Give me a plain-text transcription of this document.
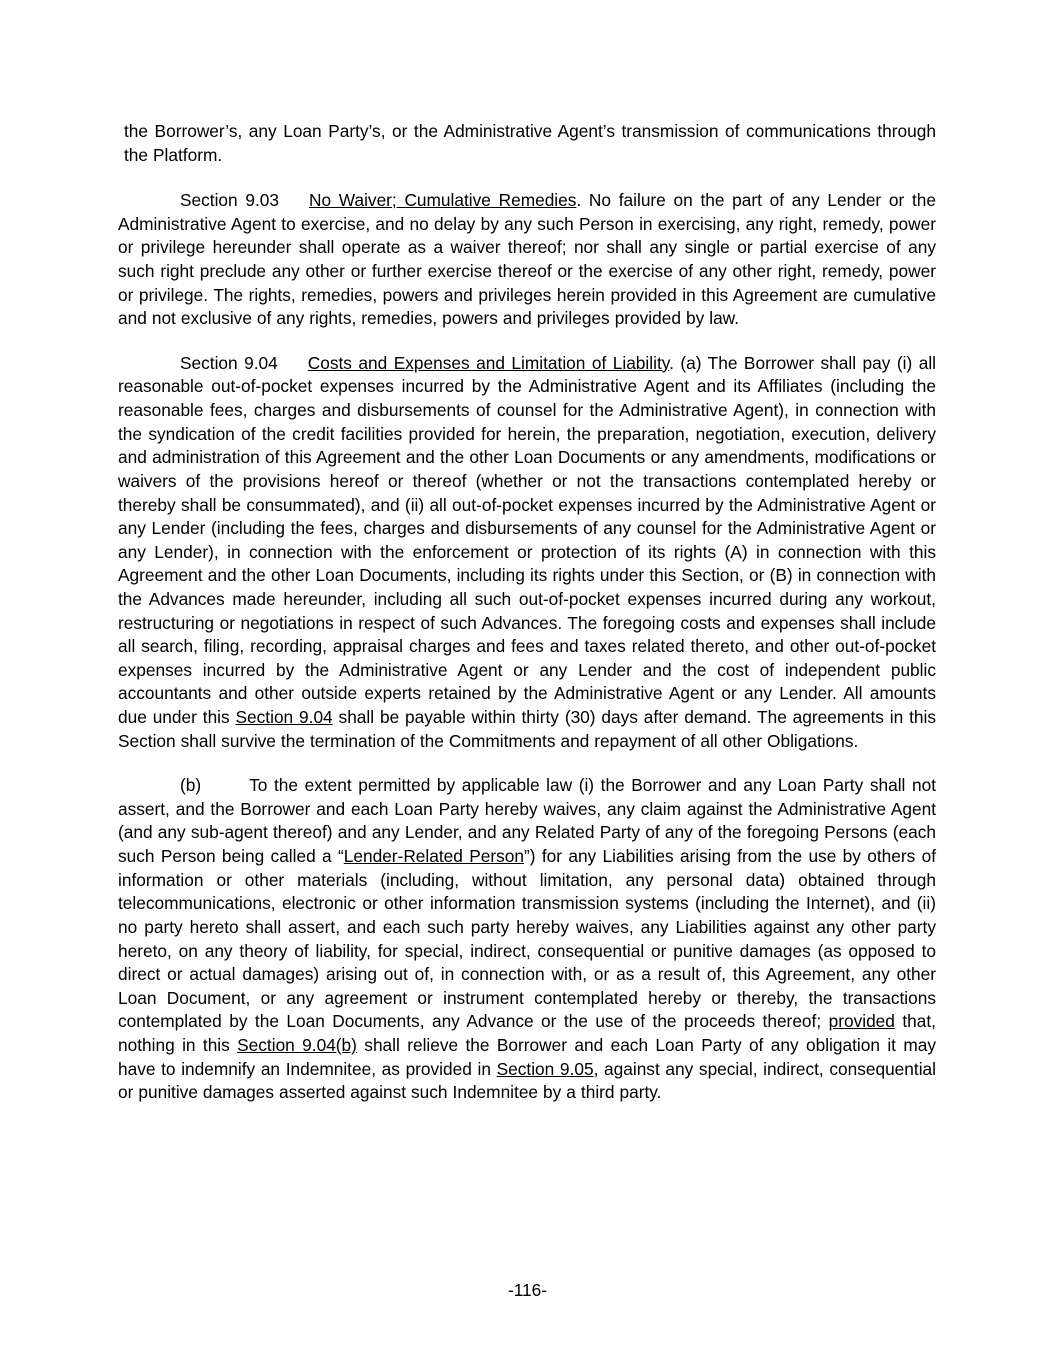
the Borrower’s, any Loan Party’s, or the Administrative Agent’s transmission of communications through the Platform.

Section 9.03 No Waiver; Cumulative Remedies. No failure on the part of any Lender or the Administrative Agent to exercise, and no delay by any such Person in exercising, any right, remedy, power or privilege hereunder shall operate as a waiver thereof; nor shall any single or partial exercise of any such right preclude any other or further exercise thereof or the exercise of any other right, remedy, power or privilege. The rights, remedies, powers and privileges herein provided in this Agreement are cumulative and not exclusive of any rights, remedies, powers and privileges provided by law.

Section 9.04 Costs and Expenses and Limitation of Liability. (a) The Borrower shall pay (i) all reasonable out-of-pocket expenses incurred by the Administrative Agent and its Affiliates (including the reasonable fees, charges and disbursements of counsel for the Administrative Agent), in connection with the syndication of the credit facilities provided for herein, the preparation, negotiation, execution, delivery and administration of this Agreement and the other Loan Documents or any amendments, modifications or waivers of the provisions hereof or thereof (whether or not the transactions contemplated hereby or thereby shall be consummated), and (ii) all out-of-pocket expenses incurred by the Administrative Agent or any Lender (including the fees, charges and disbursements of any counsel for the Administrative Agent or any Lender), in connection with the enforcement or protection of its rights (A) in connection with this Agreement and the other Loan Documents, including its rights under this Section, or (B) in connection with the Advances made hereunder, including all such out-of-pocket expenses incurred during any workout, restructuring or negotiations in respect of such Advances. The foregoing costs and expenses shall include all search, filing, recording, appraisal charges and fees and taxes related thereto, and other out-of-pocket expenses incurred by the Administrative Agent or any Lender and the cost of independent public accountants and other outside experts retained by the Administrative Agent or any Lender. All amounts due under this Section 9.04 shall be payable within thirty (30) days after demand. The agreements in this Section shall survive the termination of the Commitments and repayment of all other Obligations.

(b)	To the extent permitted by applicable law (i) the Borrower and any Loan Party shall not assert, and the Borrower and each Loan Party hereby waives, any claim against the Administrative Agent (and any sub-agent thereof) and any Lender, and any Related Party of any of the foregoing Persons (each such Person being called a “Lender-Related Person”) for any Liabilities arising from the use by others of information or other materials (including, without limitation, any personal data) obtained through telecommunications, electronic or other information transmission systems (including the Internet), and (ii) no party hereto shall assert, and each such party hereby waives, any Liabilities against any other party hereto, on any theory of liability, for special, indirect, consequential or punitive damages (as opposed to direct or actual damages) arising out of, in connection with, or as a result of, this Agreement, any other Loan Document, or any agreement or instrument contemplated hereby or thereby, the transactions contemplated by the Loan Documents, any Advance or the use of the proceeds thereof; provided that, nothing in this Section 9.04(b) shall relieve the Borrower and each Loan Party of any obligation it may have to indemnify an Indemnitee, as provided in Section 9.05, against any special, indirect, consequential or punitive damages asserted against such Indemnitee by a third party.

-116-
